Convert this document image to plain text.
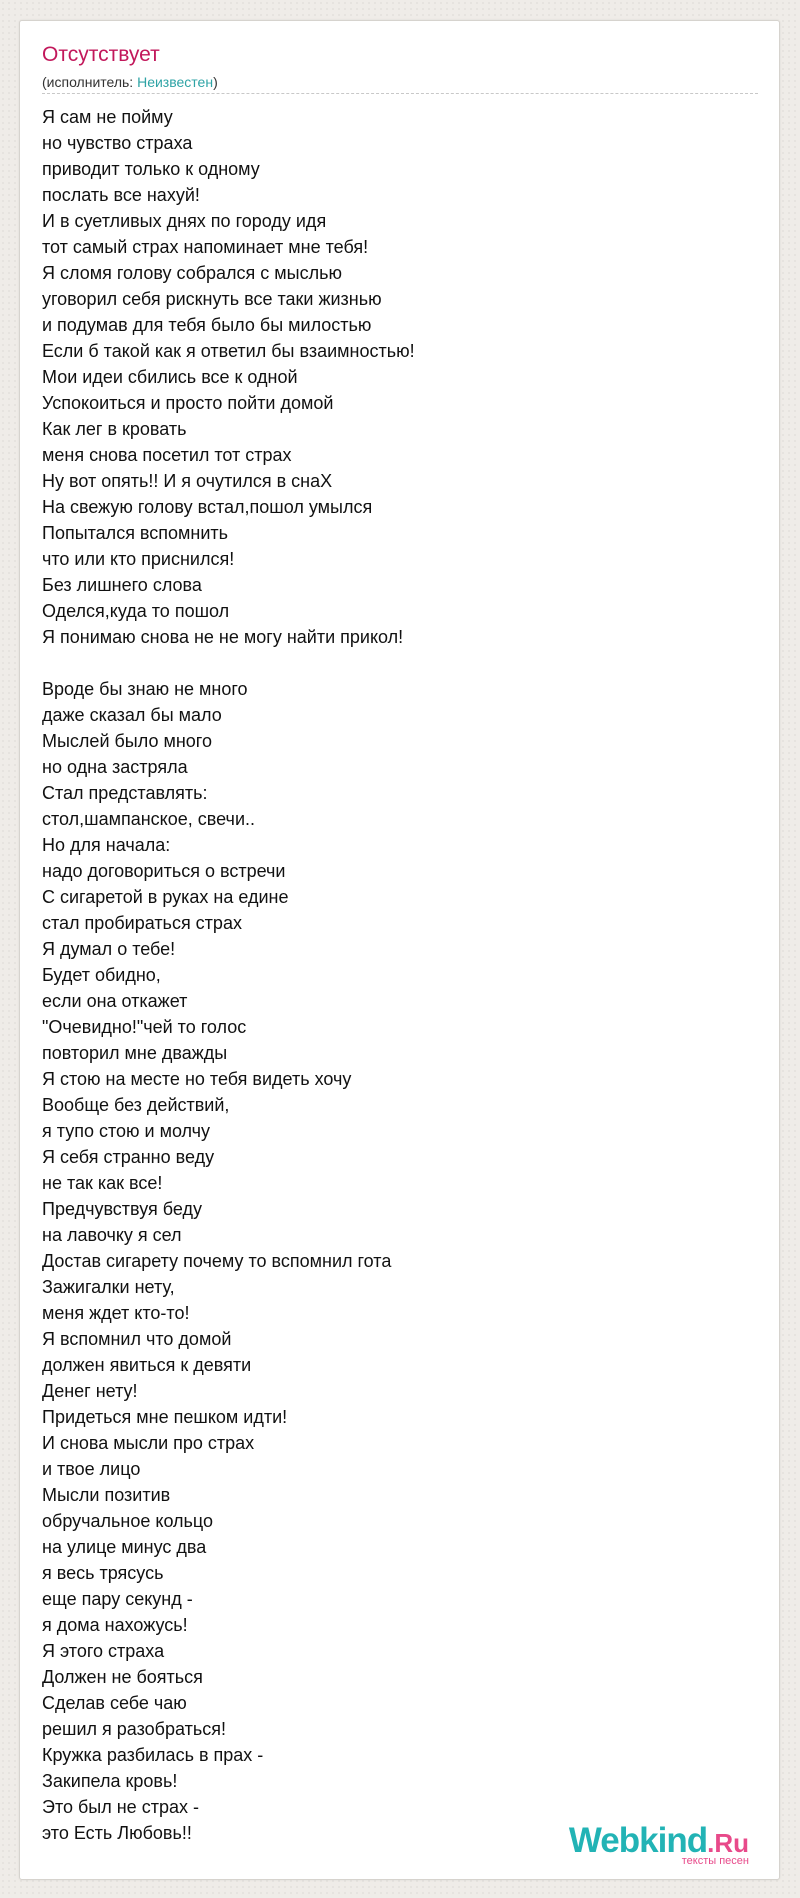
Отсутствует
(исполнитель: Неизвестен)
Я сам не пойму
но чувство страха
приводит только к одному
послать все нахуй!
И в суетливых днях по городу идя
тот самый страх напоминает мне тебя!
Я сломя голову собрался с мыслью
уговорил себя рискнуть все таки жизнью
и подумав для тебя было бы милостью
Если б такой как я ответил бы взаимностью!
Мои идеи сбились все к одной
Успокоиться и просто пойти домой
Как лег в кровать
меня снова посетил тот страх
Ну вот опять!! И я очутился в снаХ
На свежую голову встал,пошол умылся
Попытался вспомнить
что или кто приснился!
Без лишнего слова
Оделся,куда то пошол
Я понимаю снова не не могу найти прикол!
Вроде бы знаю не много
даже сказал бы мало
Мыслей было много
но одна застряла
Стал представлять:
стол,шампанское, свечи..
Но для начала:
надо договориться о встречи
С сигаретой в руках на едине
стал пробираться страх
Я думал о тебе!
Будет обидно,
если она откажет
"Очевидно!"чей то голос
повторил мне дважды
Я стою на месте но тебя видеть хочу
Вообще без действий,
я тупо стою и молчу
Я себя странно веду
не так как все!
Предчувствуя беду
на лавочку я сел
Достав сигарету почему то вспомнил гота
Зажигалки нету,
меня ждет кто-то!
Я вспомнил что домой
должен явиться к девяти
Денег нету!
Придеться мне пешком идти!
И снова мысли про страх
и твое лицо
Мысли позитив
обручальное кольцо
на улице минус два
я весь трясусь
еще пару секунд -
я дома нахожусь!
Я этого страха
Должен не бояться
Сделав себе чаю
решил я разобраться!
Кружка разбилась в прах -
Закипела кровь!
Это был не страх -
это Есть Любовь!!	Webkind.Ru
тексты песен
